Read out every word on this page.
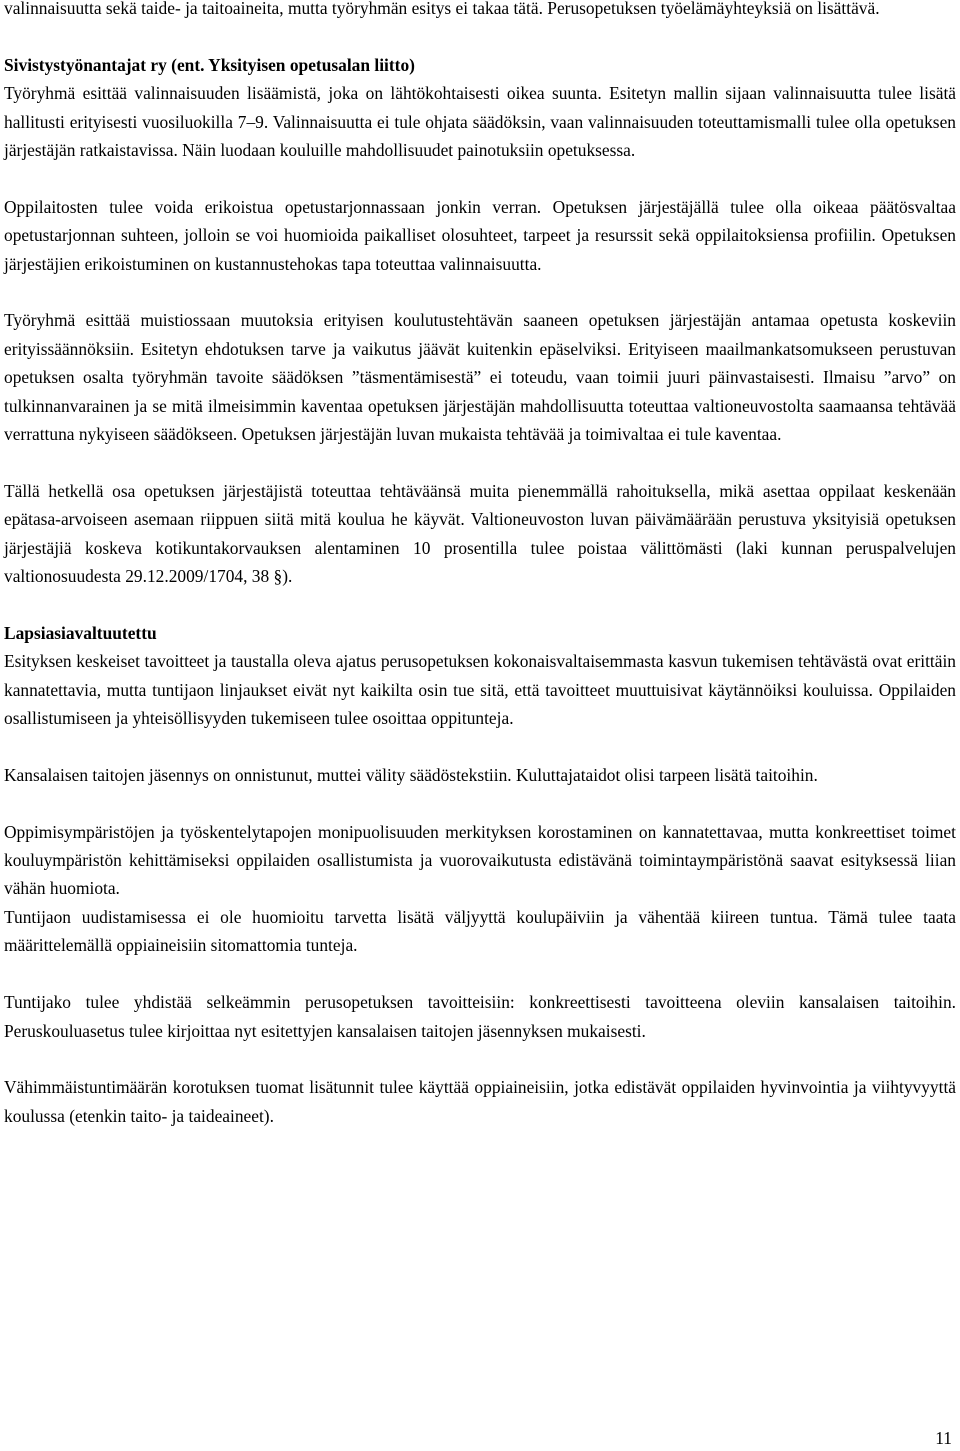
valinnaisuutta sekä taide- ja taitoaineita, mutta työryhmän esitys ei takaa tätä. Perusopetuksen työelämäyhteyksiä on lisättävä.

Sivistystyönantajat ry (ent. Yksityisen opetusalan liitto)

Työryhmä esittää valinnaisuuden lisäämistä, joka on lähtökohtaisesti oikea suunta. Esitetyn mallin sijaan valinnaisuutta tulee lisätä hallitusti erityisesti vuosiluokilla 7–9. Valinnaisuutta ei tule ohjata säädöksin, vaan valinnaisuuden toteuttamismalli tulee olla opetuksen järjestäjän ratkaistavissa. Näin luodaan kouluille mahdollisuudet painotuksiin opetuksessa.

Oppilaitosten tulee voida erikoistua opetustarjonnassaan jonkin verran. Opetuksen järjestäjällä tulee olla oikeaa päätösvaltaa opetustarjonnan suhteen, jolloin se voi huomioida paikalliset olosuhteet, tarpeet ja resurssit sekä oppilaitoksiensa profiilin. Opetuksen järjestäjien erikoistuminen on kustannustehokas tapa toteuttaa valinnaisuutta.

Työryhmä esittää muistiossaan muutoksia erityisen koulutustehtävän saaneen opetuksen järjestäjän antamaa opetusta koskeviin erityissäännöksiin. Esitetyn ehdotuksen tarve ja vaikutus jäävät kuitenkin epäselviksi. Erityiseen maailmankatsomukseen perustuvan opetuksen osalta työryhmän tavoite säädöksen ”täsmentämisestä” ei toteudu, vaan toimii juuri päinvastaisesti. Ilmaisu ”arvo” on tulkinnanvarainen ja se mitä ilmeisimmin kaventaa opetuksen järjestäjän mahdollisuutta toteuttaa valtioneuvostolta saamaansa tehtävää verrattuna nykyiseen säädökseen. Opetuksen järjestäjän luvan mukaista tehtävää ja toimivaltaa ei tule kaventaa.

Tällä hetkellä osa opetuksen järjestäjistä toteuttaa tehtäväänsä muita pienemmällä rahoituksella, mikä asettaa oppilaat keskenään epätasa-arvoiseen asemaan riippuen siitä mitä koulua he käyvät. Valtioneuvoston luvan päivämäärään perustuva yksityisiä opetuksen järjestäjiä koskeva kotikuntakorvauksen alentaminen 10 prosentilla tulee poistaa välittömästi (laki kunnan peruspalvelujen valtionosuudesta 29.12.2009/1704, 38 §).

Lapsiasiavaltuutettu

Esityksen keskeiset tavoitteet ja taustalla oleva ajatus perusopetuksen kokonaisvaltaisemmasta kasvun tukemisen tehtävästä ovat erittäin kannatettavia, mutta tuntijaon linjaukset eivät nyt kaikilta osin tue sitä, että tavoitteet muuttuisivat käytännöiksi kouluissa. Oppilaiden osallistumiseen ja yhteisöllisyyden tukemiseen tulee osoittaa oppitunteja.

Kansalaisen taitojen jäsennys on onnistunut, muttei välity säädöstekstiin. Kuluttajataidot olisi tarpeen lisätä taitoihin.

Oppimisympäristöjen ja työskentelytapojen monipuolisuuden merkityksen korostaminen on kannatettavaa, mutta konkreettiset toimet kouluympäristön kehittämiseksi oppilaiden osallistumista ja vuorovaikutusta edistävänä toimintaympäristönä saavat esityksessä liian vähän huomiota.

Tuntijaon uudistamisessa ei ole huomioitu tarvetta lisätä väljyyttä koulupäiviin ja vähentää kiireen tuntua. Tämä tulee taata määrittelemällä oppiaineisiin sitomattomia tunteja.

Tuntijako tulee yhdistää selkeämmin perusopetuksen tavoitteisiin: konkreettisesti tavoitteena oleviin kansalaisen taitoihin. Peruskouluasetus tulee kirjoittaa nyt esitettyjen kansalaisen taitojen jäsennyksen mukaisesti.

Vähimmäistuntimäärän korotuksen tuomat lisätunnit tulee käyttää oppiaineisiin, jotka edistävät oppilaiden hyvinvointia ja viihtyvyyttä koulussa (etenkin taito- ja taideaineet).

11
